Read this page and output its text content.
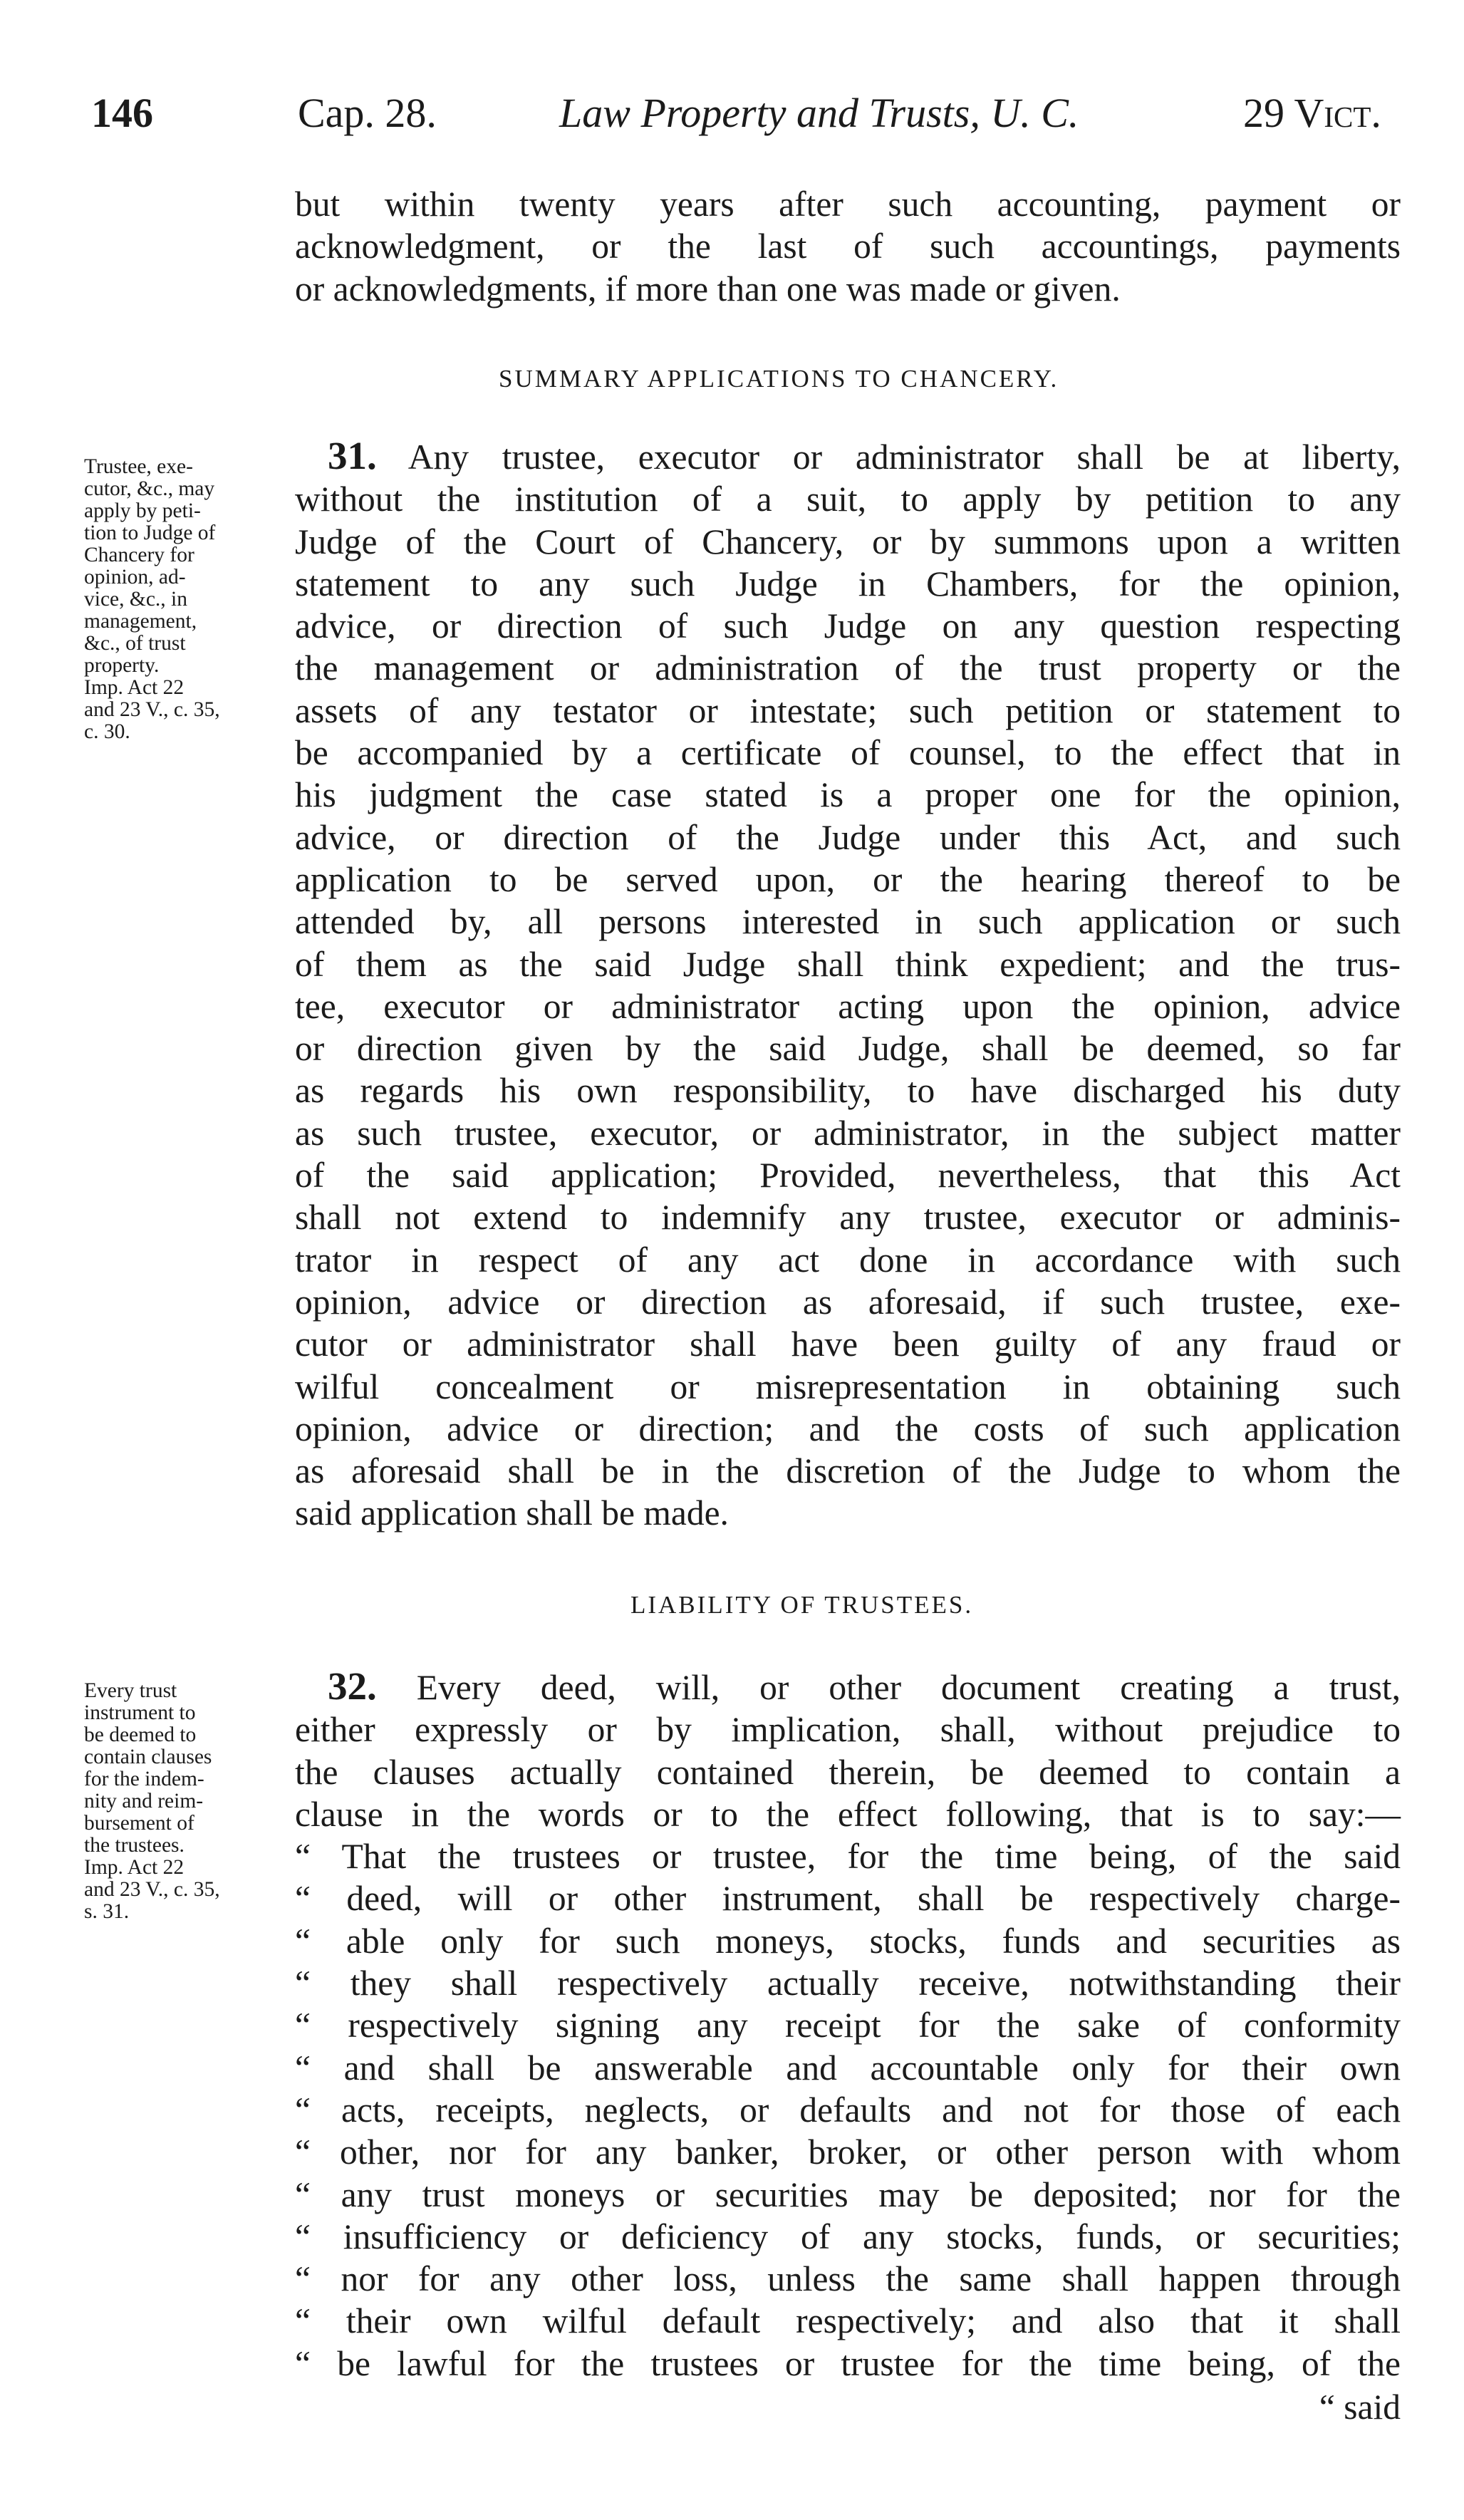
146	Cap. 28.	Law Property and Trusts, U. C.	29 Vict.
but within twenty years after such accounting, payment or
acknowledgment, or the last of such accountings, payments
or acknowledgments, if more than one was made or given.
SUMMARY APPLICATIONS TO CHANCERY.
Trustee, exe-
cutor, &c., may
apply by peti-
tion to Judge of
Chancery for
opinion, ad-
vice, &c., in
management,
&c., of trust
property.
Imp. Act 22
and 23 V., c. 35,
c. 30.
31. Any trustee, executor or administrator shall be at liberty,
without the institution of a suit, to apply by petition to any
Judge of the Court of Chancery, or by summons upon a written
statement to any such Judge in Chambers, for the opinion,
advice, or direction of such Judge on any question respecting
the management or administration of the trust property or the
assets of any testator or intestate; such petition or statement to
be accompanied by a certificate of counsel, to the effect that in
his judgment the case stated is a proper one for the opinion,
advice, or direction of the Judge under this Act, and such
application to be served upon, or the hearing thereof to be
attended by, all persons interested in such application or such
of them as the said Judge shall think expedient; and the trus-
tee, executor or administrator acting upon the opinion, advice
or direction given by the said Judge, shall be deemed, so far
as regards his own responsibility, to have discharged his duty
as such trustee, executor, or administrator, in the subject matter
of the said application; Provided, nevertheless, that this Act
shall not extend to indemnify any trustee, executor or adminis-
trator in respect of any act done in accordance with such
opinion, advice or direction as aforesaid, if such trustee, exe-
cutor or administrator shall have been guilty of any fraud or
wilful concealment or misrepresentation in obtaining such
opinion, advice or direction; and the costs of such application
as aforesaid shall be in the discretion of the Judge to whom the
said application shall be made.
LIABILITY OF TRUSTEES.
Every trust
instrument to
be deemed to
contain clauses
for the indem-
nity and reim-
bursement of
the trustees.
Imp. Act 22
and 23 V., c. 35,
s. 31.
32. Every deed, will, or other document creating a trust,
either expressly or by implication, shall, without prejudice to
the clauses actually contained therein, be deemed to contain a
clause in the words or to the effect following, that is to say:—
“ That the trustees or trustee, for the time being, of the said
“ deed, will or other instrument, shall be respectively charge-
“ able only for such moneys, stocks, funds and securities as
“ they shall respectively actually receive, notwithstanding their
“ respectively signing any receipt for the sake of conformity
“ and shall be answerable and accountable only for their own
“ acts, receipts, neglects, or defaults and not for those of each
“ other, nor for any banker, broker, or other person with whom
“ any trust moneys or securities may be deposited; nor for the
“ insufficiency or deficiency of any stocks, funds, or securities;
“ nor for any other loss, unless the same shall happen through
“ their own wilful default respectively; and also that it shall
“ be lawful for the trustees or trustee for the time being, of the
“ said
